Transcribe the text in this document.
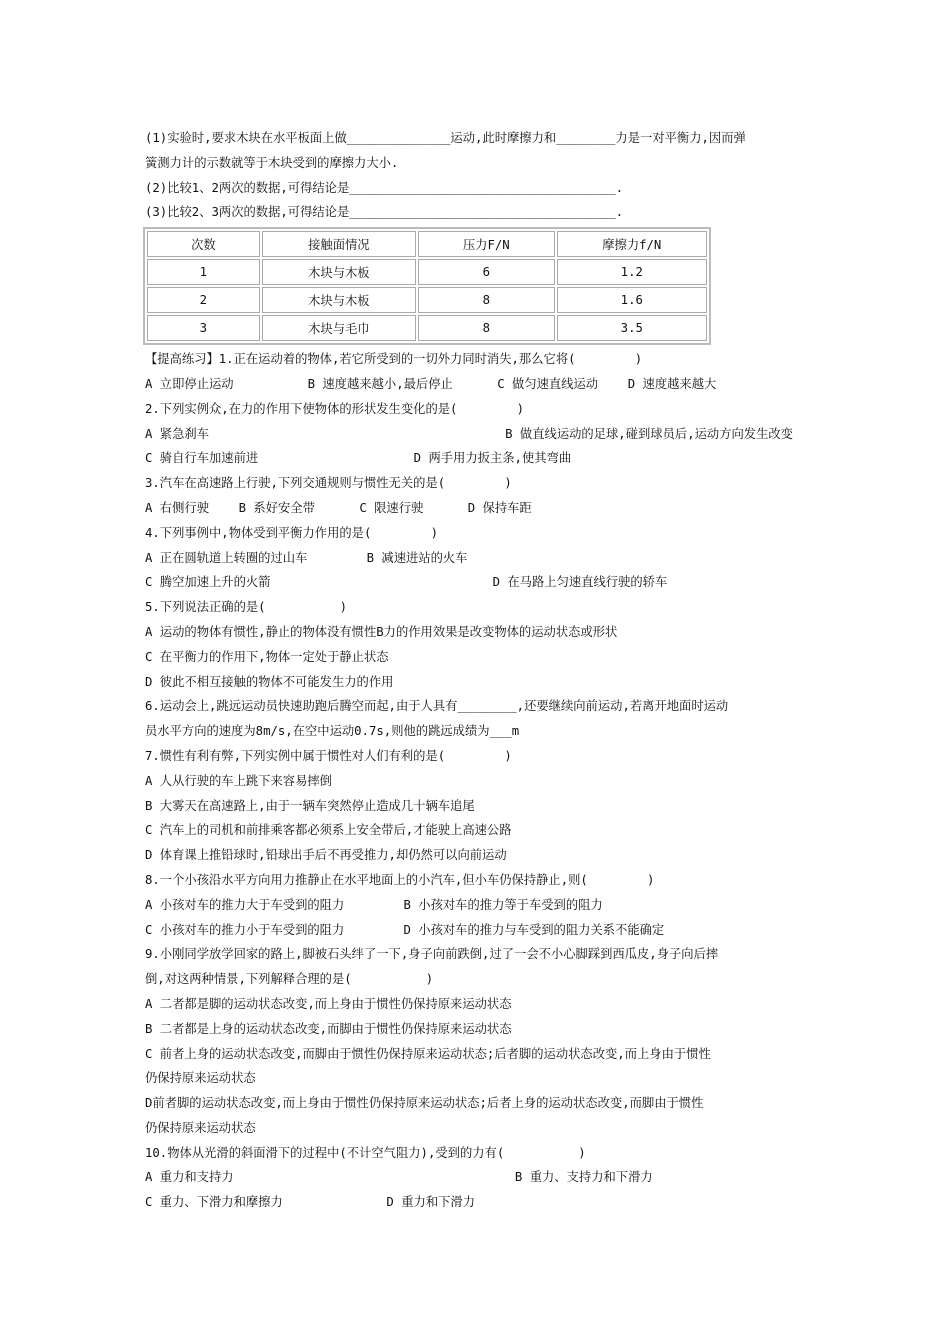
(1)实验时,要求木块在水平板面上做______________运动,此时摩擦力和________力是一对平衡力,因而弹
簧测力计的示数就等于木块受到的摩擦力大小.
(2)比较1、2两次的数据,可得结论是____________________________________.
(3)比较2、3两次的数据,可得结论是____________________________________.
次数	接触面情况	压力F/N	摩擦力f/N
1	木块与木板	6	1.2
2	木块与木板	8	1.6
3	木块与毛巾	8	3.5
【提高练习】1.正在运动着的物体,若它所受到的一切外力同时消失,那么它将(        )
A 立即停止运动          B 速度越来越小,最后停止      C 做匀速直线运动    D 速度越来越大
2.下列实例众,在力的作用下使物体的形状发生变化的是(        )
A 紧急刹车                                        B 做直线运动的足球,碰到球员后,运动方向发生改变
C 骑自行车加速前进                     D 两手用力扳主条,使其弯曲
3.汽车在高速路上行驶,下列交通规则与惯性无关的是(        )
A 右侧行驶    B 系好安全带      C 限速行驶      D 保持车距
4.下列事例中,物体受到平衡力作用的是(        )
A 正在圆轨道上转圈的过山车        B 减速进站的火车
C 腾空加速上升的火箭                              D 在马路上匀速直线行驶的轿车
5.下列说法正确的是(          )
A 运动的物体有惯性,静止的物体没有惯性B力的作用效果是改变物体的运动状态或形状
C 在平衡力的作用下,物体一定处于静止状态
D 彼此不相互接触的物体不可能发生力的作用
6.运动会上,跳远运动员快速助跑后腾空而起,由于人具有________,还要继续向前运动,若离开地面时运动
员水平方向的速度为8m/s,在空中运动0.7s,则他的跳远成绩为___m
7.惯性有利有弊,下列实例中属于惯性对人们有利的是(        )
A 人从行驶的车上跳下来容易摔倒
B 大雾天在高速路上,由于一辆车突然停止造成几十辆车追尾
C 汽车上的司机和前排乘客都必须系上安全带后,才能驶上高速公路
D 体育课上推铅球时,铅球出手后不再受推力,却仍然可以向前运动
8.一个小孩沿水平方向用力推静止在水平地面上的小汽车,但小车仍保持静止,则(        )
A 小孩对车的推力大于车受到的阻力        B 小孩对车的推力等于车受到的阻力
C 小孩对车的推力小于车受到的阻力        D 小孩对车的推力与车受到的阻力关系不能确定
9.小刚同学放学回家的路上,脚被石头绊了一下,身子向前跌倒,过了一会不小心脚踩到西瓜皮,身子向后摔
倒,对这两种情景,下列解释合理的是(          )
A 二者都是脚的运动状态改变,而上身由于惯性仍保持原来运动状态
B 二者都是上身的运动状态改变,而脚由于惯性仍保持原来运动状态
C 前者上身的运动状态改变,而脚由于惯性仍保持原来运动状态;后者脚的运动状态改变,而上身由于惯性
仍保持原来运动状态
D前者脚的运动状态改变,而上身由于惯性仍保持原来运动状态;后者上身的运动状态改变,而脚由于惯性
仍保持原来运动状态
10.物体从光滑的斜面滑下的过程中(不计空气阻力),受到的力有(          )
A 重力和支持力                                      B 重力、支持力和下滑力
C 重力、下滑力和摩擦力              D 重力和下滑力
